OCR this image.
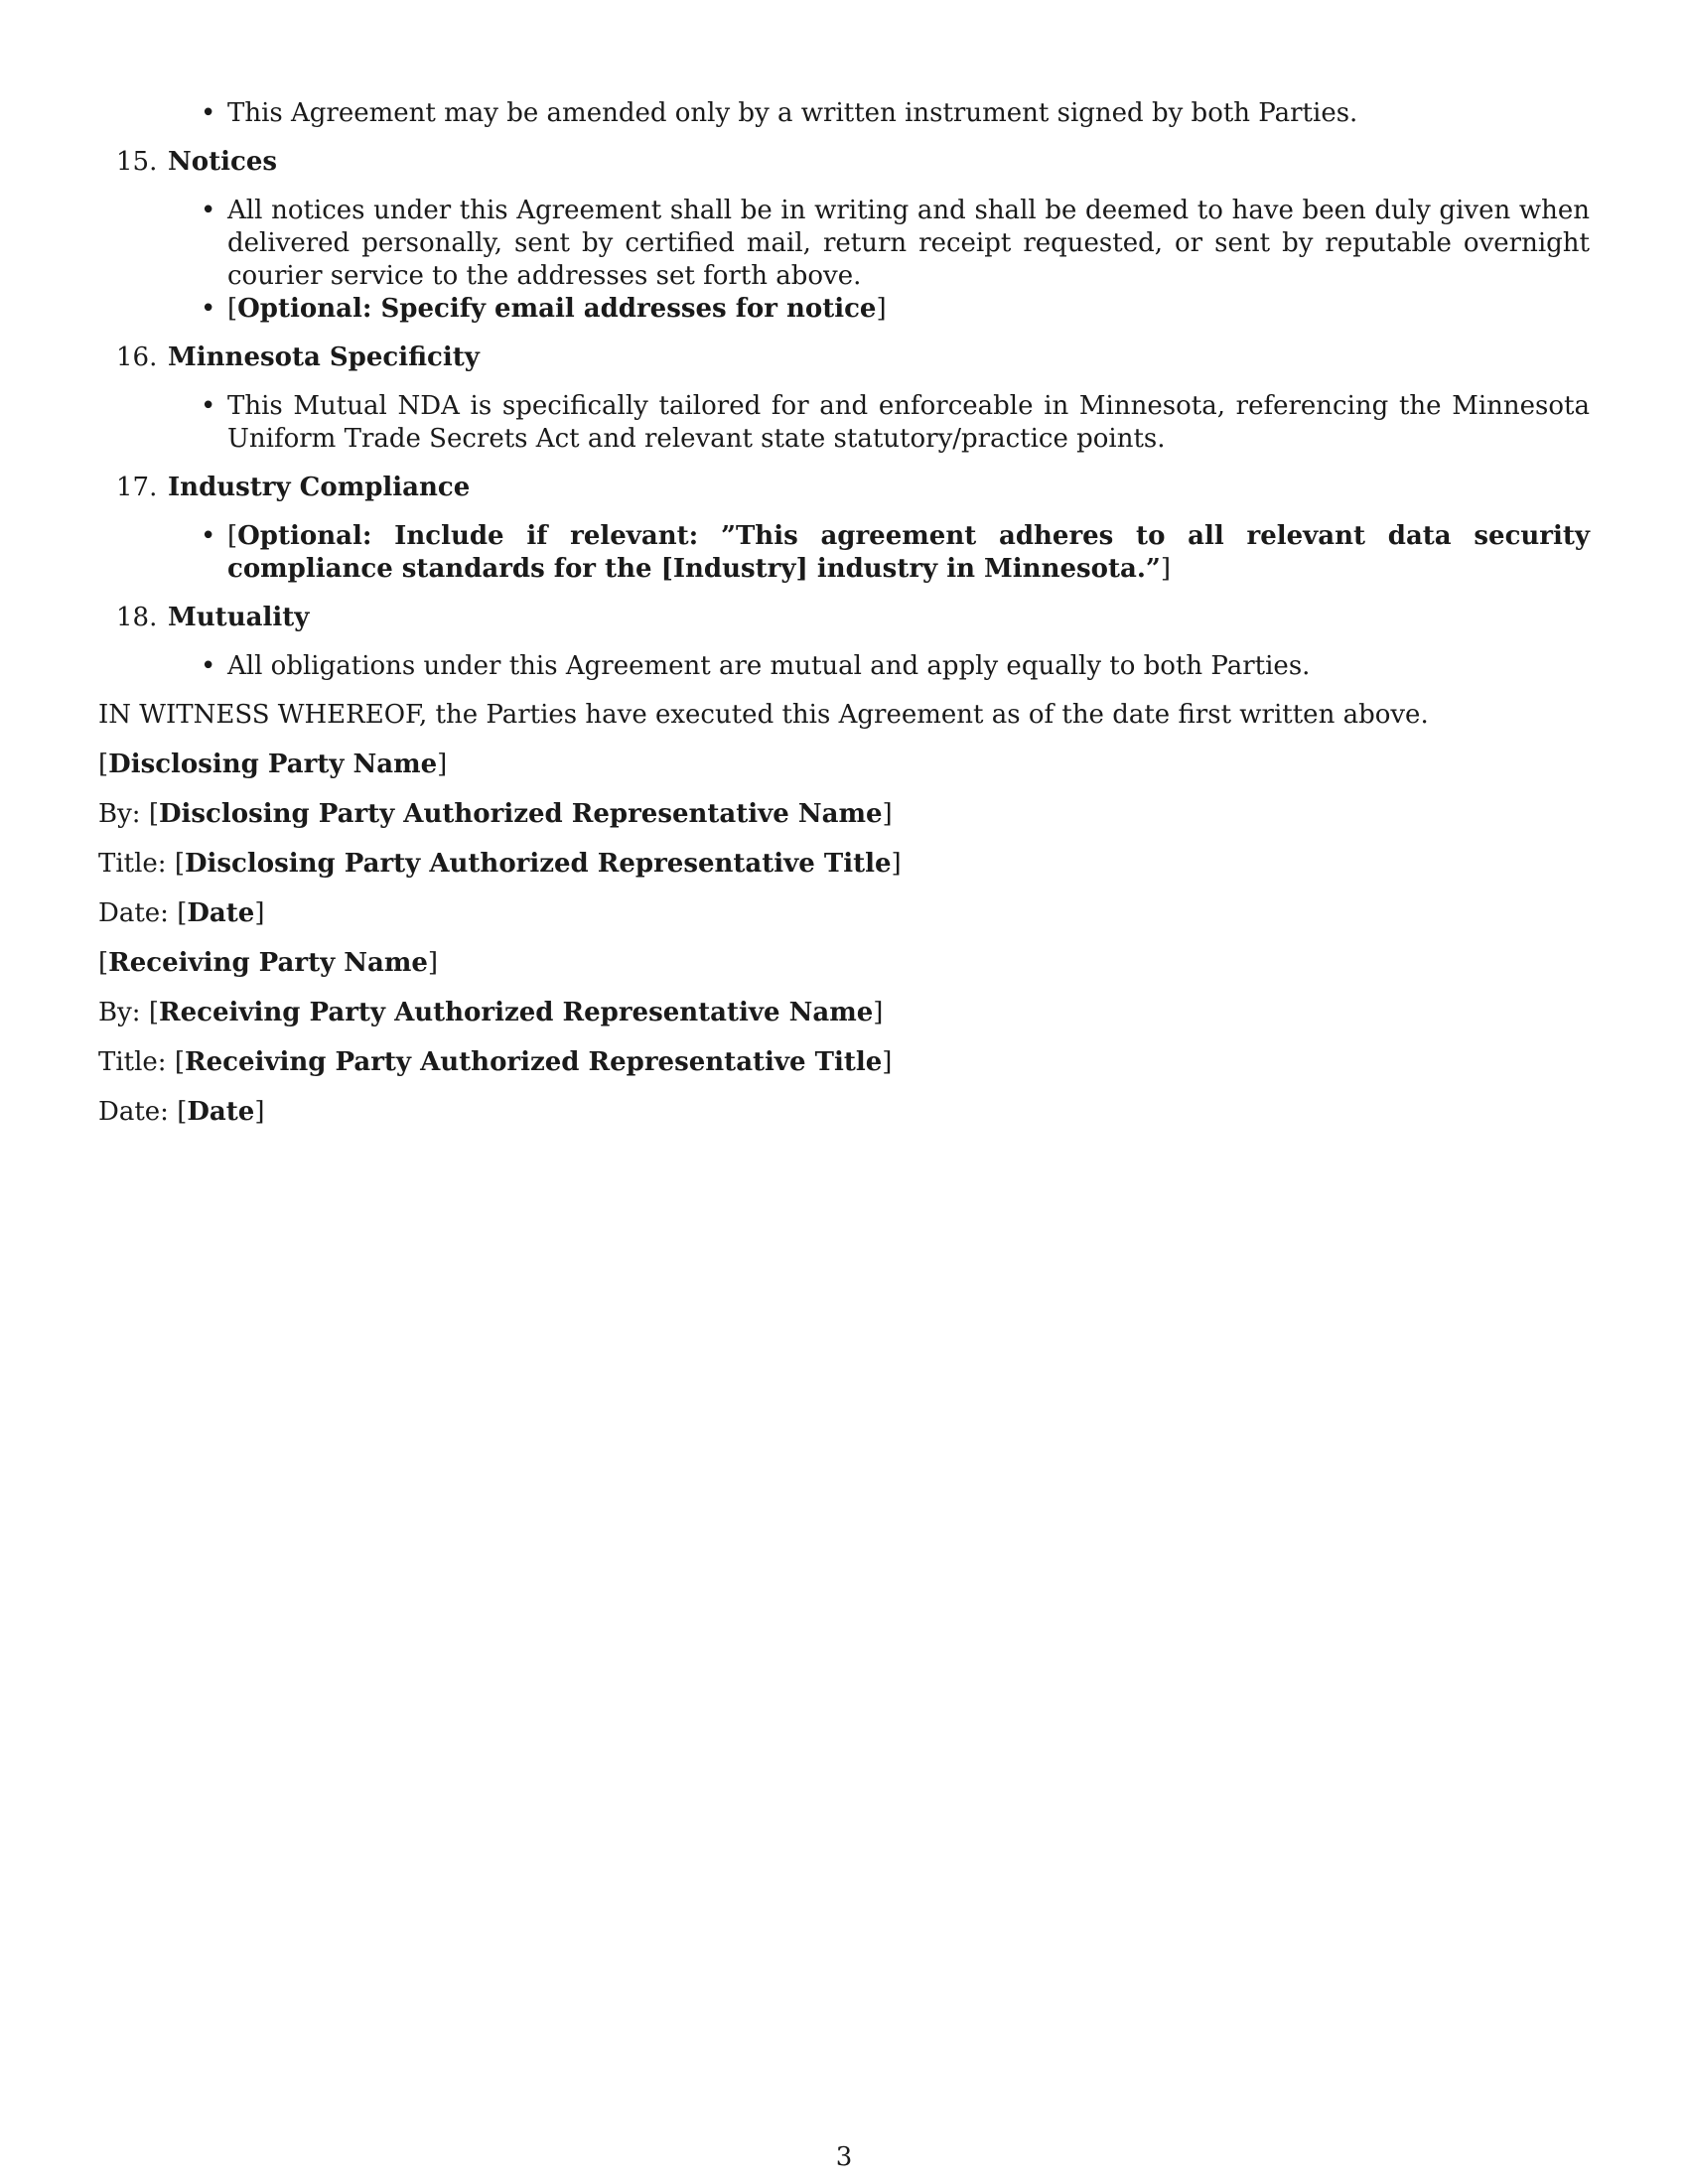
• This Agreement may be amended only by a written instrument signed by both Parties.
15. Notices
• All notices under this Agreement shall be in writing and shall be deemed to have been duly given when delivered personally, sent by certified mail, return receipt requested, or sent by reputable overnight courier service to the addresses set forth above.
• [Optional: Specify email addresses for notice]
16. Minnesota Specificity
• This Mutual NDA is specifically tailored for and enforceable in Minnesota, referencing the Minnesota Uniform Trade Secrets Act and relevant state statutory/practice points.
17. Industry Compliance
• [Optional: Include if relevant: ”This agreement adheres to all relevant data security compliance standards for the [Industry] industry in Minnesota.”]
18. Mutuality
• All obligations under this Agreement are mutual and apply equally to both Parties.
IN WITNESS WHEREOF, the Parties have executed this Agreement as of the date first written above.
[Disclosing Party Name]
By: [Disclosing Party Authorized Representative Name]
Title: [Disclosing Party Authorized Representative Title]
Date: [Date]
[Receiving Party Name]
By: [Receiving Party Authorized Representative Name]
Title: [Receiving Party Authorized Representative Title]
Date: [Date]
3
